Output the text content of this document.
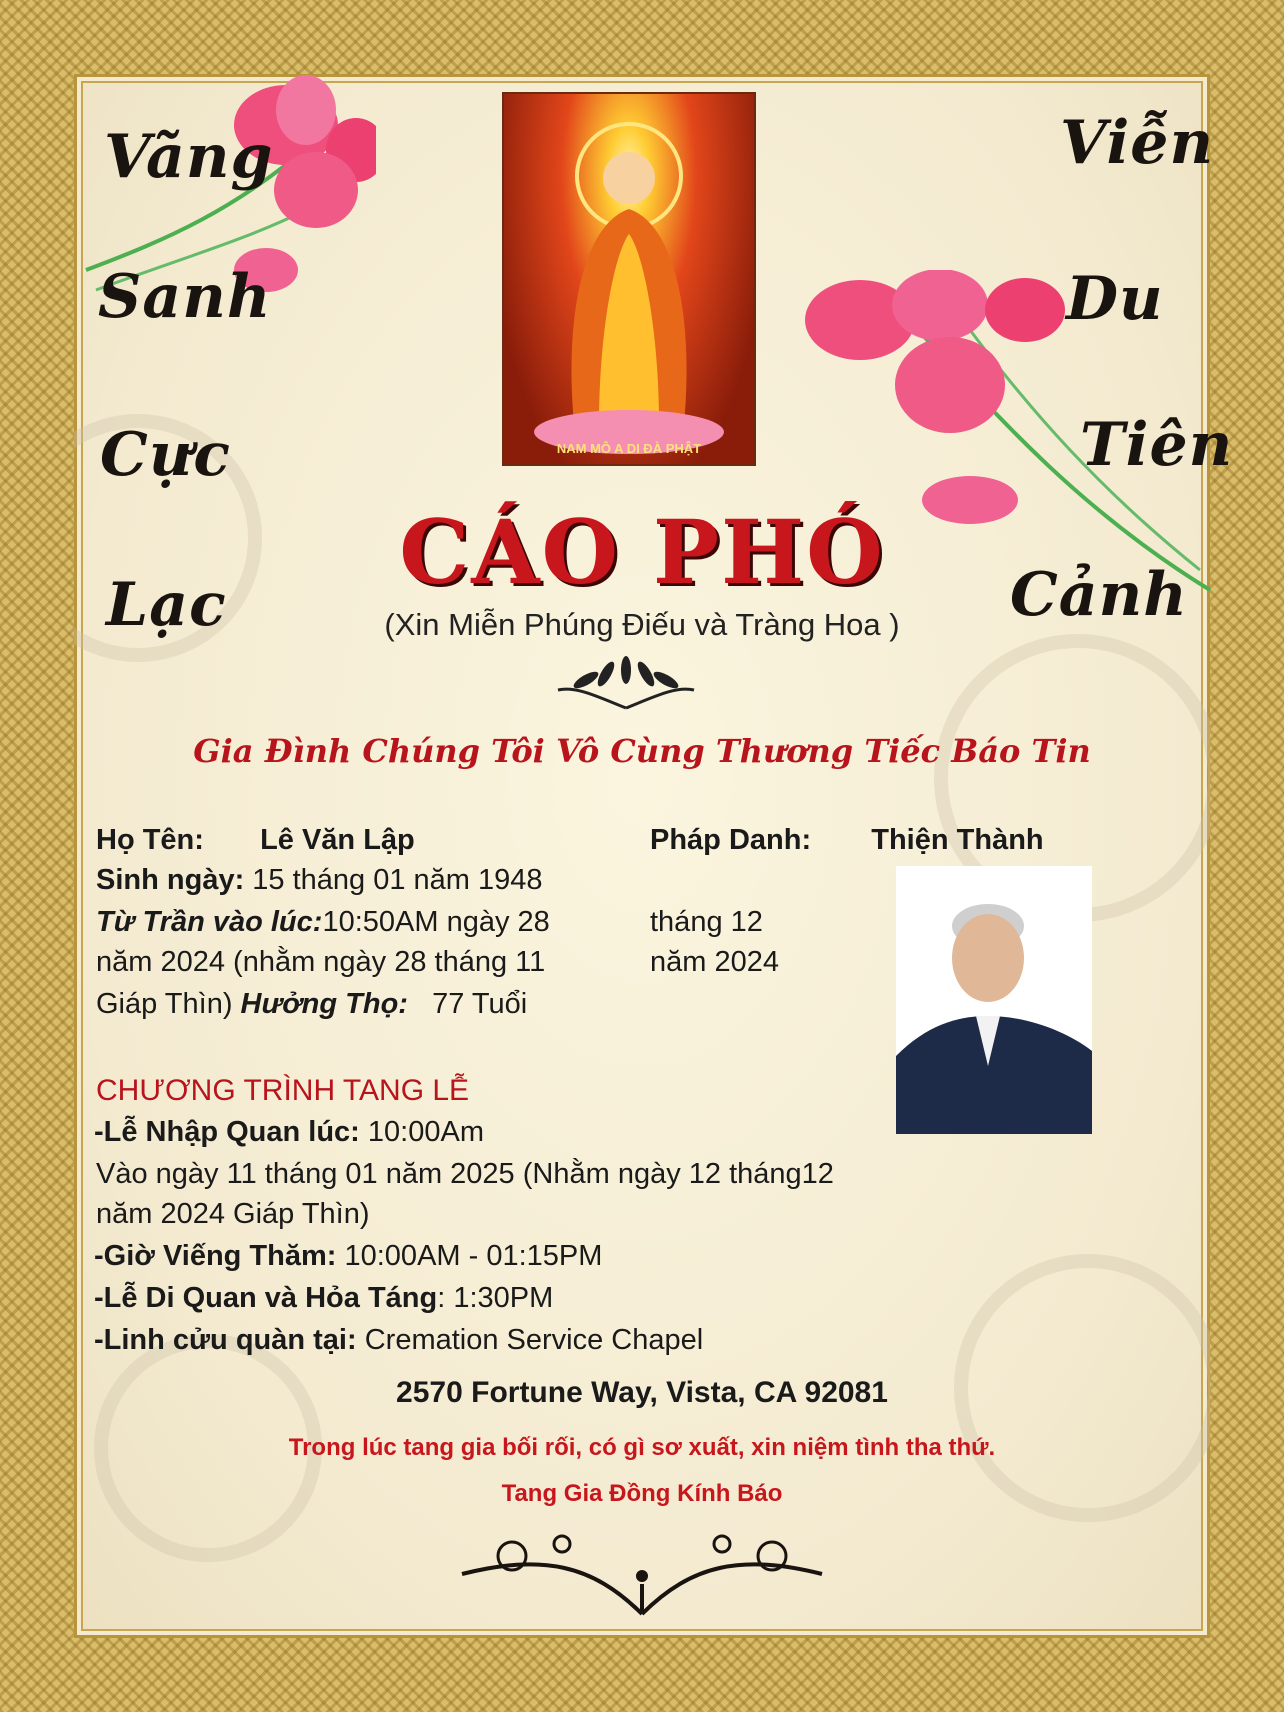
Vãng
Sanh
Cực
Lạc
Viễn
Du
Tiên
Cảnh
NAM MÔ A DI ĐÀ PHẬT
CÁO PHÓ
(Xin Miễn Phúng Điếu và Tràng Hoa )
Gia Đình Chúng Tôi Vô Cùng Thương Tiếc Báo Tin
Họ Tên: Lê Văn Lập	Pháp Danh: Thiện Thành
Sinh ngày: 15 tháng 01 năm 1948
Từ Trần vào lúc:10:50AM ngày 28	tháng 12
năm 2024 (nhằm ngày 28 tháng 11	năm 2024
Giáp Thìn) Hưởng Thọ: 77 Tuổi
CHƯƠNG TRÌNH TANG LỄ
-Lễ Nhập Quan lúc: 10:00Am
Vào ngày 11 tháng 01 năm 2025 (Nhằm ngày 12 tháng12
năm 2024 Giáp Thìn)
-Giờ Viếng Thăm: 10:00AM - 01:15PM
-Lễ Di Quan và Hỏa Táng: 1:30PM
-Linh cửu quàn tại: Cremation Service Chapel
2570 Fortune Way, Vista, CA 92081
Trong lúc tang gia bối rối, có gì sơ xuất, xin niệm tình tha thứ.
Tang Gia Đồng Kính Báo
